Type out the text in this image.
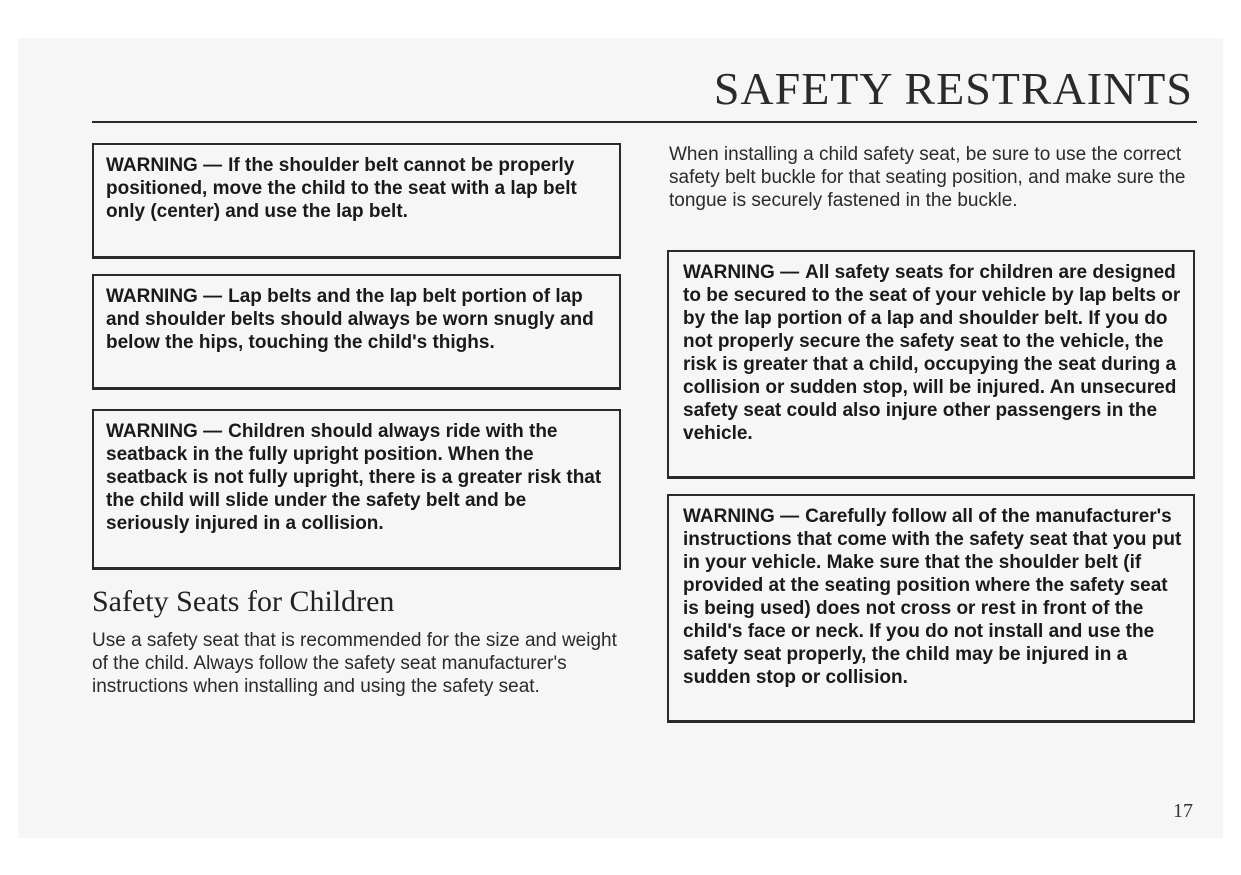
SAFETY RESTRAINTS
WARNING — If the shoulder belt cannot be properly positioned, move the child to the seat with a lap belt only (center) and use the lap belt.
WARNING — Lap belts and the lap belt portion of lap and shoulder belts should always be worn snugly and below the hips, touching the child's thighs.
WARNING — Children should always ride with the seatback in the fully upright position. When the seatback is not fully upright, there is a greater risk that the child will slide under the safety belt and be seriously injured in a collision.
Safety Seats for Children

Use a safety seat that is recommended for the size and weight of the child. Always follow the safety seat manufacturer's instructions when installing and using the safety seat.

When installing a child safety seat, be sure to use the correct safety belt buckle for that seating position, and make sure the tongue is securely fastened in the buckle.

WARNING — All safety seats for children are designed to be secured to the seat of your vehicle by lap belts or by the lap portion of a lap and shoulder belt. If you do not properly secure the safety seat to the vehicle, the risk is greater that a child, occupying the seat during a collision or sudden stop, will be injured. An unsecured safety seat could also injure other passengers in the vehicle.
WARNING — Carefully follow all of the manufacturer's instructions that come with the safety seat that you put in your vehicle. Make sure that the shoulder belt (if provided at the seating position where the safety seat is being used) does not cross or rest in front of the child's face or neck. If you do not install and use the safety seat properly, the child may be injured in a sudden stop or collision.
17
